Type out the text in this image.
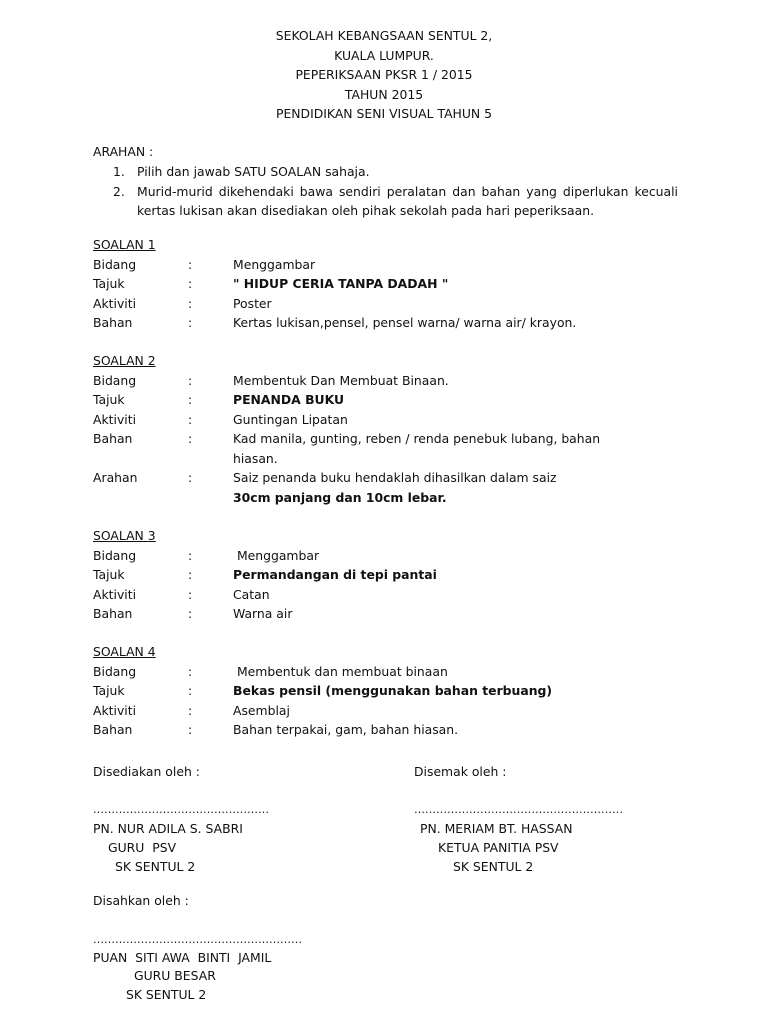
SEKOLAH KEBANGSAAN SENTUL 2,
KUALA LUMPUR.
PEPERIKSAAN PKSR 1 / 2015
TAHUN 2015
PENDIDIKAN SENI VISUAL TAHUN 5
ARAHAN :
1. Pilih dan jawab SATU SOALAN sahaja.
2. Murid-murid dikehendaki bawa sendiri peralatan dan bahan yang diperlukan kecuali kertas lukisan akan disediakan oleh pihak sekolah pada hari peperiksaan.
SOALAN 1
Bidang	:	Menggambar
Tajuk	:	" HIDUP CERIA TANPA DADAH "
Aktiviti	:	Poster
Bahan	:	Kertas lukisan,pensel, pensel warna/ warna air/ krayon.
SOALAN 2
Bidang	:	Membentuk Dan Membuat Binaan.
Tajuk	:	PENANDA BUKU
Aktiviti	:	Guntingan Lipatan
Bahan	:	Kad manila, gunting, reben / renda penebuk lubang, bahan
hiasan.
Arahan	:	Saiz penanda buku hendaklah dihasilkan dalam saiz
30cm panjang dan 10cm lebar.
SOALAN 3
Bidang	:	Menggambar
Tajuk	:	Permandangan di tepi pantai
Aktiviti	:	Catan
Bahan	:	Warna air
SOALAN 4
Bidang	:	Membentuk dan membuat binaan
Tajuk	:	Bekas pensil (menggunakan bahan terbuang)
Aktiviti	:	Asemblaj
Bahan	:	Bahan terpakai, gam, bahan hiasan.
Disediakan oleh :	Disemak oleh :
…………………………………………	…………………………………………………
PN. NUR ADILA S. SABRI
GURU  PSV
SK SENTUL 2
PN. MERIAM BT. HASSAN
KETUA PANITIA PSV
SK SENTUL 2
Disahkan oleh :
…………………………………………………
PUAN  SITI AWA  BINTI  JAMIL
GURU BESAR
SK SENTUL 2
